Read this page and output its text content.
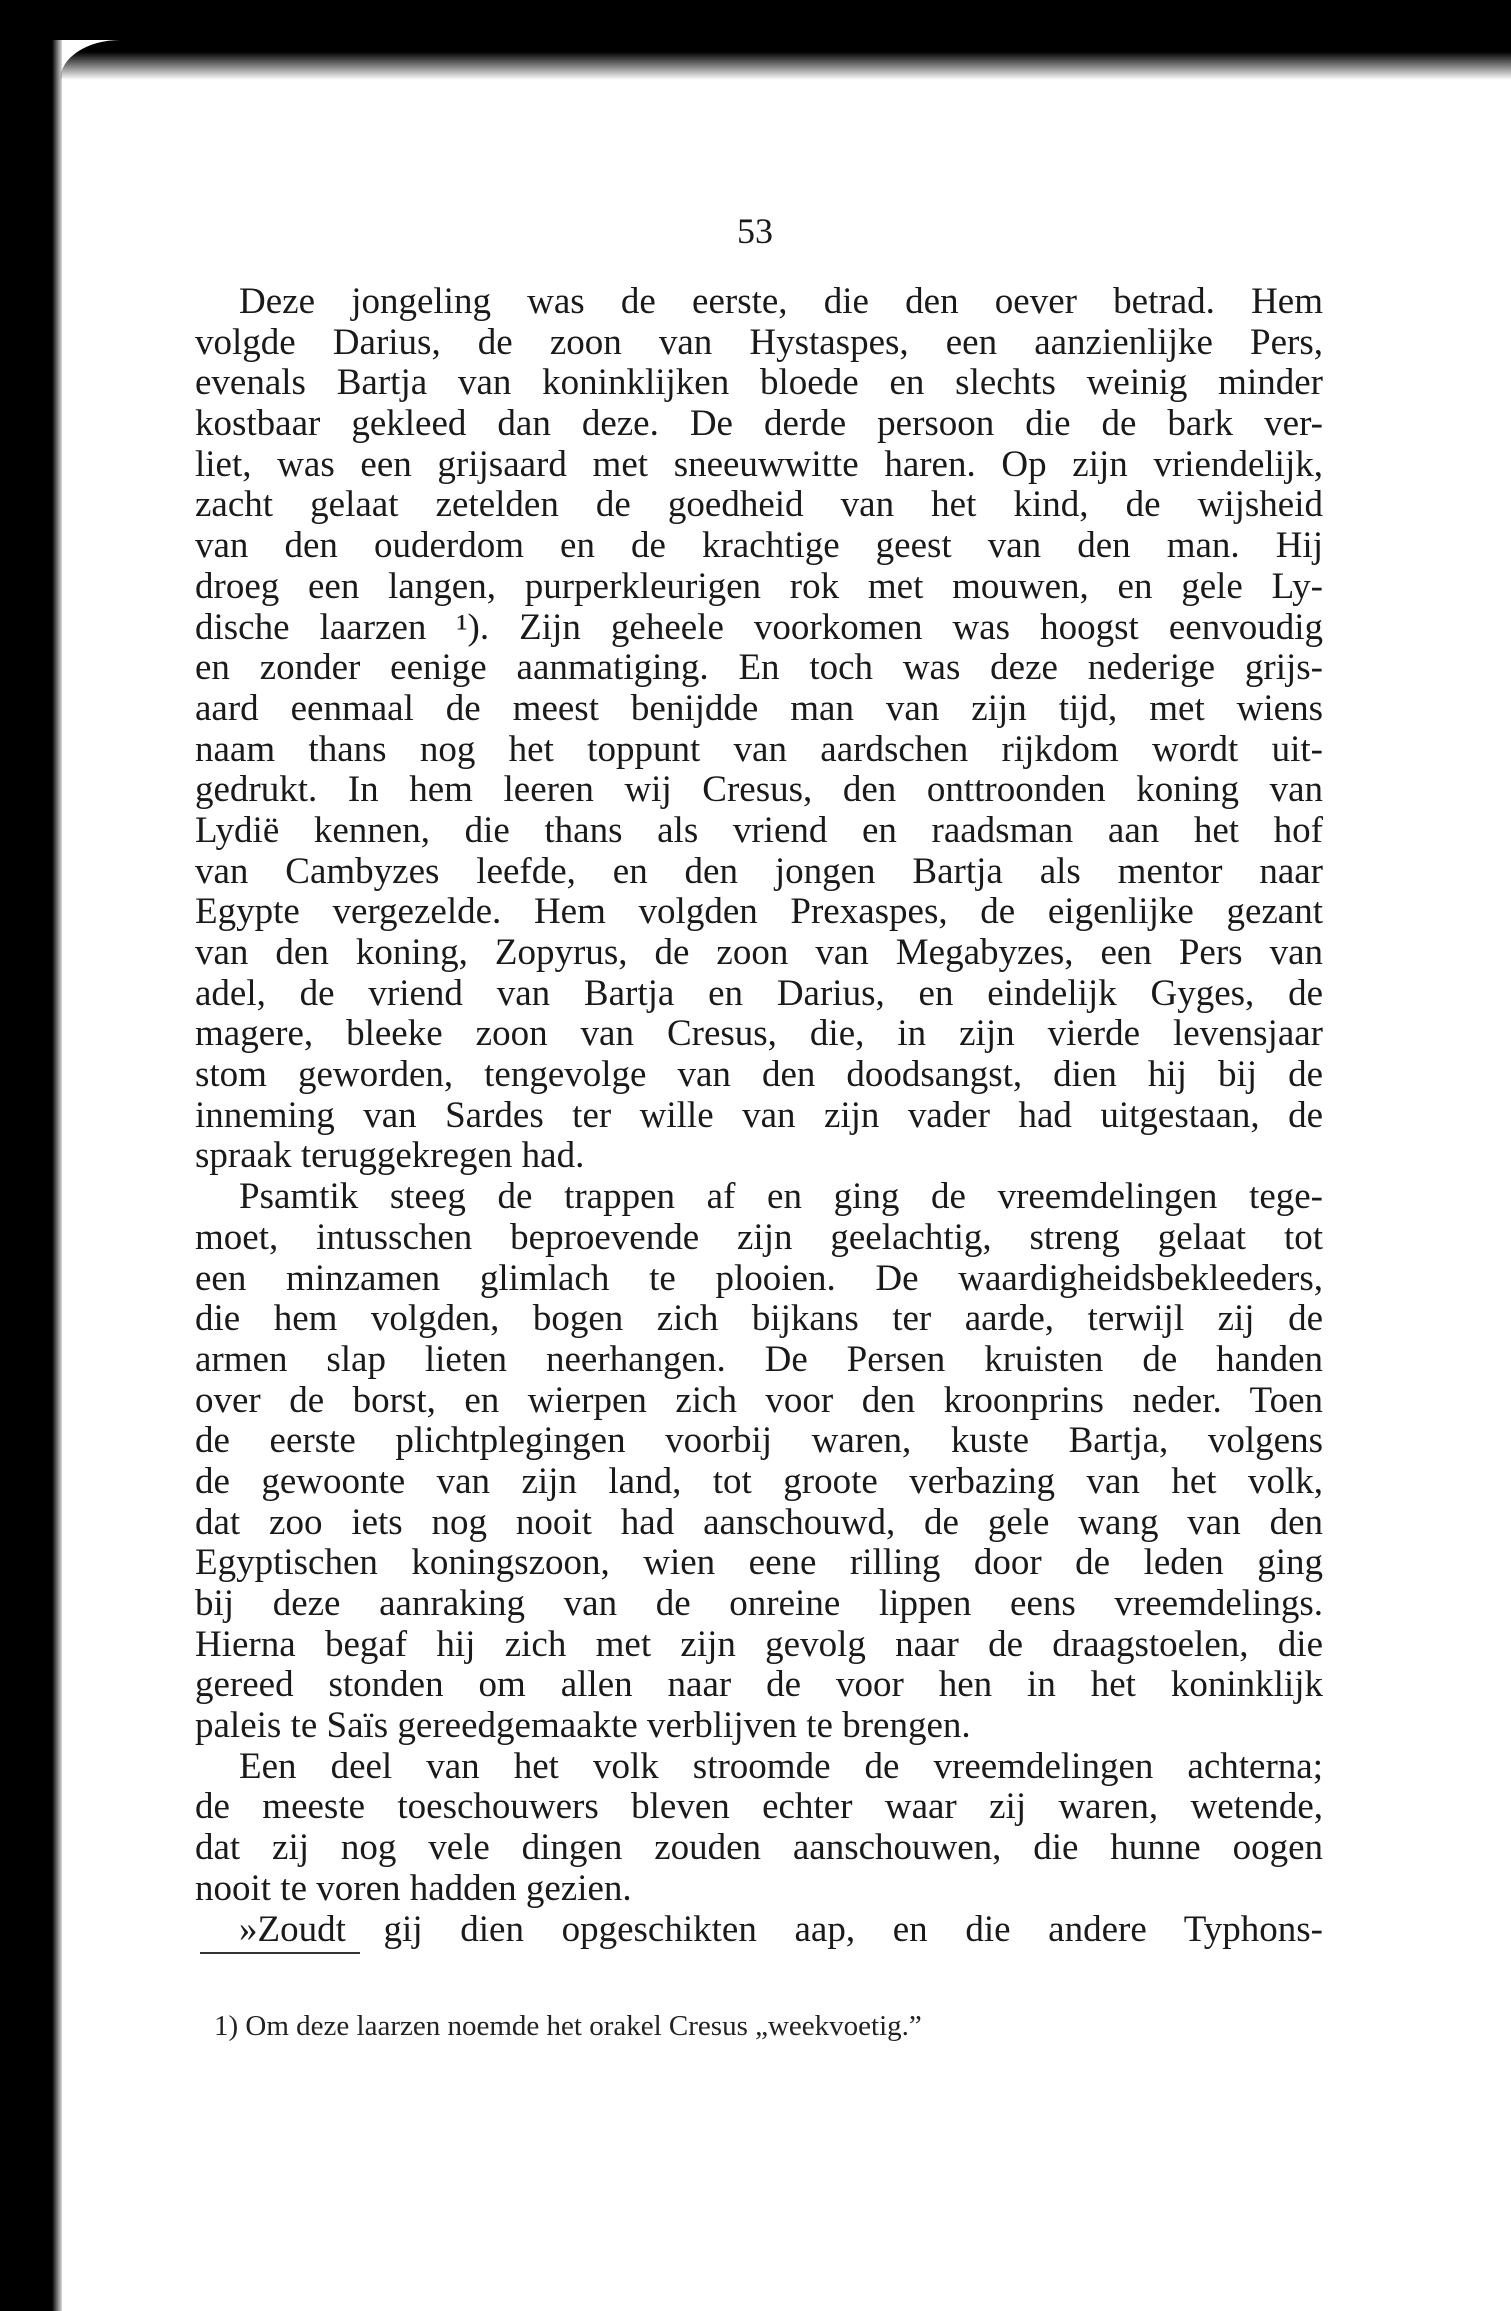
53
Deze jongeling was de eerste, die den oever betrad. Hem
volgde Darius, de zoon van Hystaspes, een aanzienlijke Pers,
evenals Bartja van koninklijken bloede en slechts weinig minder
kostbaar gekleed dan deze. De derde persoon die de bark ver-
liet, was een grijsaard met sneeuwwitte haren. Op zijn vriendelijk,
zacht gelaat zetelden de goedheid van het kind, de wijsheid
van den ouderdom en de krachtige geest van den man. Hij
droeg een langen, purperkleurigen rok met mouwen, en gele Ly-
dische laarzen ¹). Zijn geheele voorkomen was hoogst eenvoudig
en zonder eenige aanmatiging. En toch was deze nederige grijs-
aard eenmaal de meest benijdde man van zijn tijd, met wiens
naam thans nog het toppunt van aardschen rijkdom wordt uit-
gedrukt. In hem leeren wij Cresus, den onttroonden koning van
Lydië kennen, die thans als vriend en raadsman aan het hof
van Cambyzes leefde, en den jongen Bartja als mentor naar
Egypte vergezelde. Hem volgden Prexaspes, de eigenlijke gezant
van den koning, Zopyrus, de zoon van Megabyzes, een Pers van
adel, de vriend van Bartja en Darius, en eindelijk Gyges, de
magere, bleeke zoon van Cresus, die, in zijn vierde levensjaar
stom geworden, tengevolge van den doodsangst, dien hij bij de
inneming van Sardes ter wille van zijn vader had uitgestaan, de
spraak teruggekregen had.
Psamtik steeg de trappen af en ging de vreemdelingen tege-
moet, intusschen beproevende zijn geelachtig, streng gelaat tot
een minzamen glimlach te plooien. De waardigheidsbekleeders,
die hem volgden, bogen zich bijkans ter aarde, terwijl zij de
armen slap lieten neerhangen. De Persen kruisten de handen
over de borst, en wierpen zich voor den kroonprins neder. Toen
de eerste plichtplegingen voorbij waren, kuste Bartja, volgens
de gewoonte van zijn land, tot groote verbazing van het volk,
dat zoo iets nog nooit had aanschouwd, de gele wang van den
Egyptischen koningszoon, wien eene rilling door de leden ging
bij deze aanraking van de onreine lippen eens vreemdelings.
Hierna begaf hij zich met zijn gevolg naar de draagstoelen, die
gereed stonden om allen naar de voor hen in het koninklijk
paleis te Saïs gereedgemaakte verblijven te brengen.
Een deel van het volk stroomde de vreemdelingen achterna;
de meeste toeschouwers bleven echter waar zij waren, wetende,
dat zij nog vele dingen zouden aanschouwen, die hunne oogen
nooit te voren hadden gezien.
»Zoudt gij dien opgeschikten aap, en die andere Typhons-
1) Om deze laarzen noemde het orakel Cresus „weekvoetig.”
